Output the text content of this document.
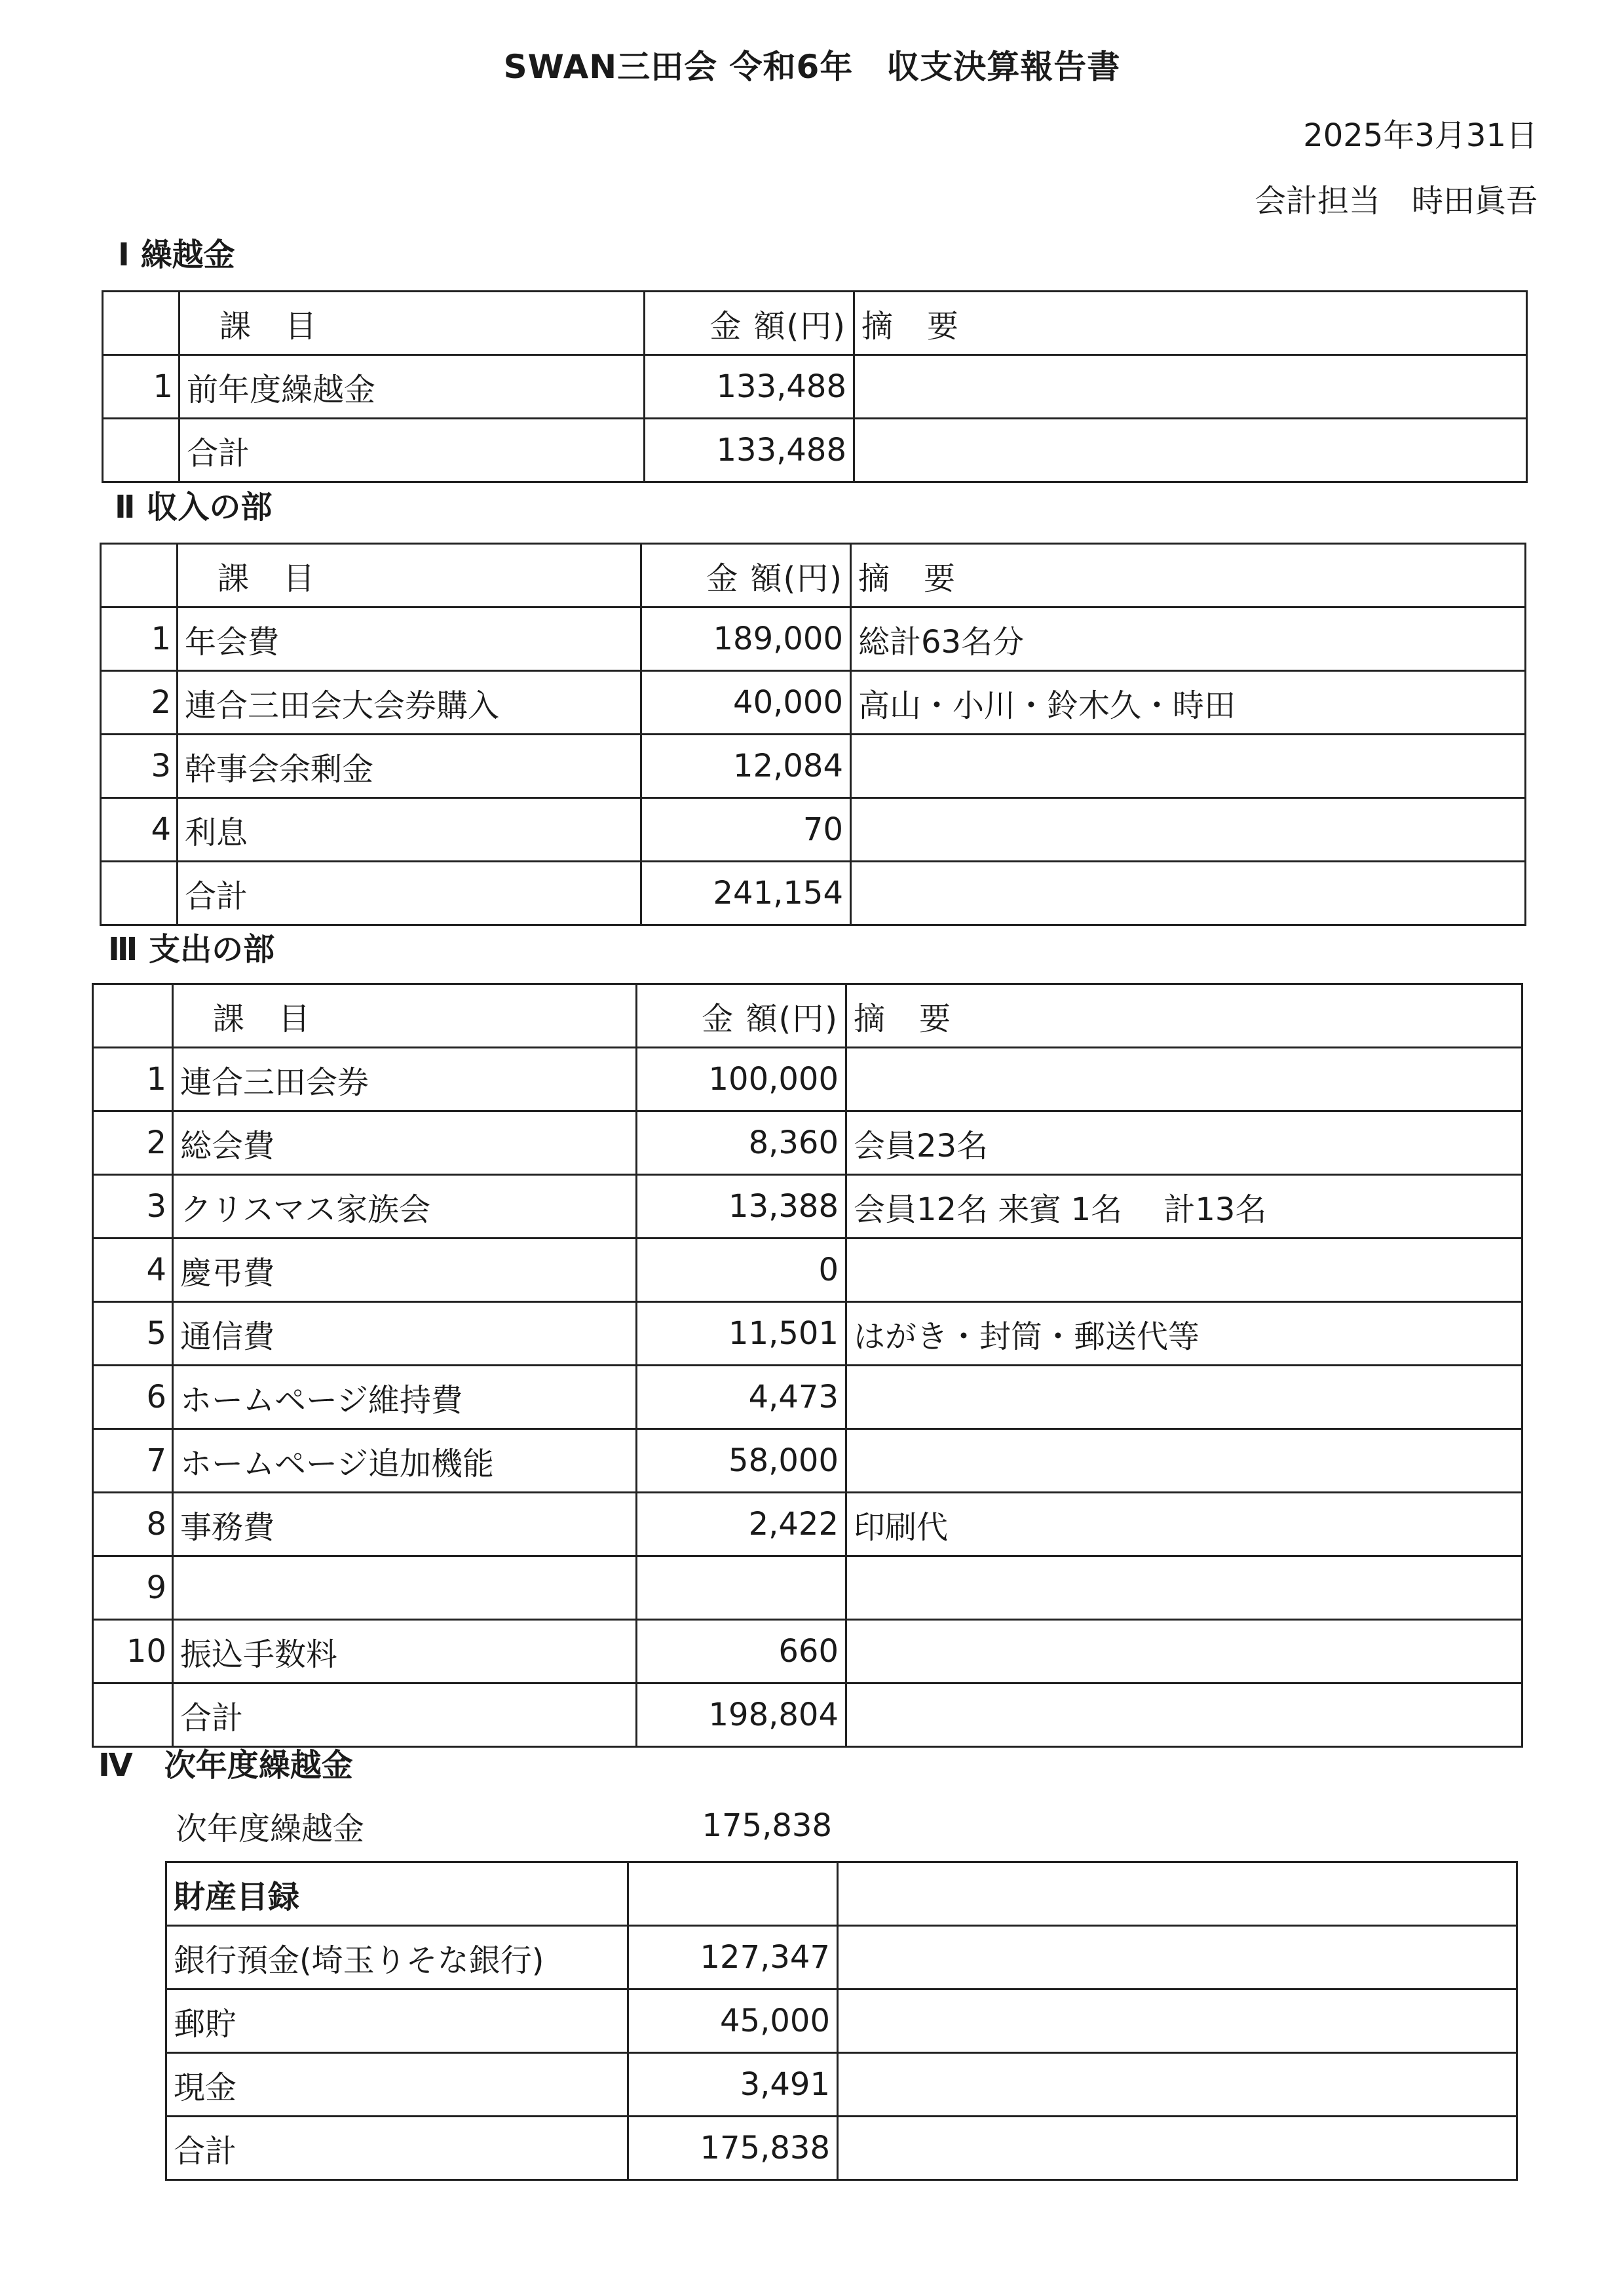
SWAN三田会 令和6年　収支決算報告書
2025年3月31日
会計担当　時田眞吾
Ⅰ 繰越金
	課　目	金 額(円)	摘　要
1	前年度繰越金	133,488	
	合計	133,488	
Ⅱ 収入の部
	課　目	金 額(円)	摘　要
1	年会費	189,000	総計63名分
2	連合三田会大会券購入	40,000	高山・小川・鈴木久・時田
3	幹事会余剰金	12,084	
4	利息	70	
	合計	241,154	
Ⅲ 支出の部
	課　目	金 額(円)	摘　要
1	連合三田会券	100,000	
2	総会費	8,360	会員23名
3	クリスマス家族会	13,388	会員12名 来賓 1名　 計13名
4	慶弔費	0	
5	通信費	11,501	はがき・封筒・郵送代等
6	ホームページ維持費	4,473	
7	ホームページ追加機能	58,000	
8	事務費	2,422	印刷代
9			
10	振込手数料	660	
	合計	198,804	
Ⅳ　次年度繰越金
次年度繰越金	175,838
財産目録		
銀行預金(埼玉りそな銀行)	127,347	
郵貯	45,000	
現金	3,491	
合計	175,838	
